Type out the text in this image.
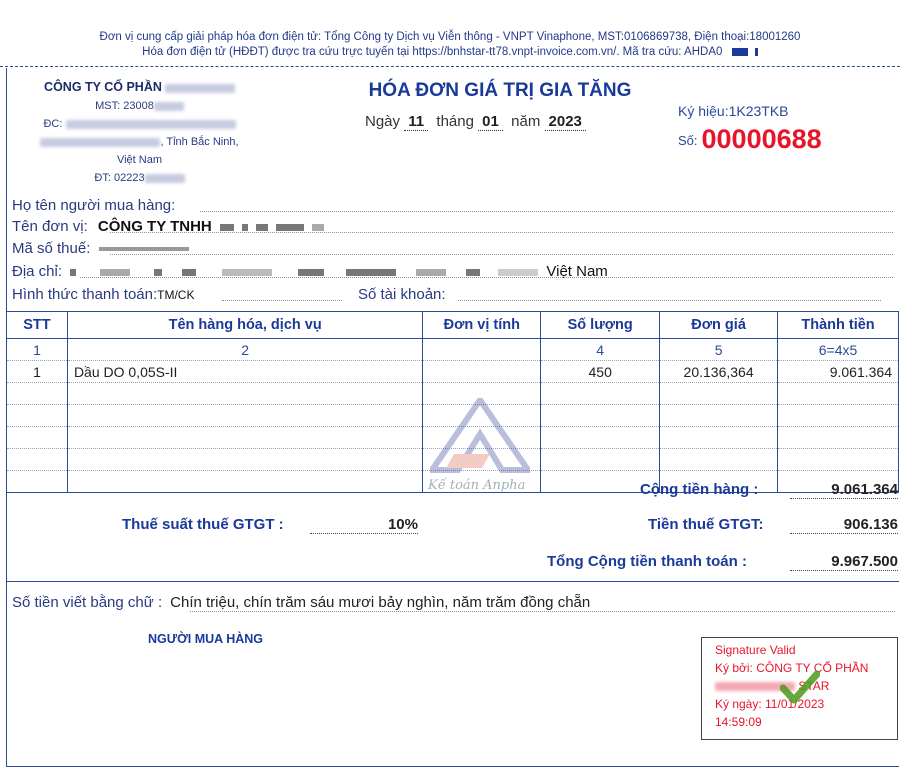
Đơn vị cung cấp giải pháp hóa đơn điện tử: Tổng Công ty Dịch vụ Viễn thông - VNPT Vinaphone, MST:0106869738, Điện thoại:18001260
Hóa đơn điện tử (HĐĐT) được tra cứu trực tuyến tại https://bnhstar-tt78.vnpt-invoice.com.vn/. Mã tra cứu: AHDA0
CÔNG TY CỔ PHẦN
MST: 23008
ĐC:
, Tỉnh Bắc Ninh,
Việt Nam
ĐT: 02223
HÓA ĐƠN GIÁ TRỊ GIA TĂNG
Ngày 11 tháng 01 năm 2023
Ký hiệu:1K23TKB
Số: 00000688
Họ tên người mua hàng:
Tên đơn vị: CÔNG TY TNHH
Mã số thuế:
Địa chỉ:	Việt Nam
Hình thức thanh toán:TM/CK	Số tài khoản:
STT	Tên hàng hóa, dịch vụ	Đơn vị tính	Số lượng	Đơn giá	Thành tiền
1	2		4	5	6=4x5
1	Dầu DO 0,05S-II		450	20.136,364	9.061.364

Kế toán Anpha	Cộng tiền hàng :	9.061.364
Thuế suất thuế GTGT :	10%	Tiền thuế GTGT:	906.136
Tổng Cộng tiền thanh toán :	9.967.500
Số tiền viết bằng chữ : Chín triệu, chín trăm sáu mươi bảy nghìn, năm trăm đồng chẵn
NGƯỜI MUA HÀNG
Signature Valid
Ký bởi: CÔNG TY CỔ PHẦN
STAR
Ký ngày: 11/01/2023
14:59:09
